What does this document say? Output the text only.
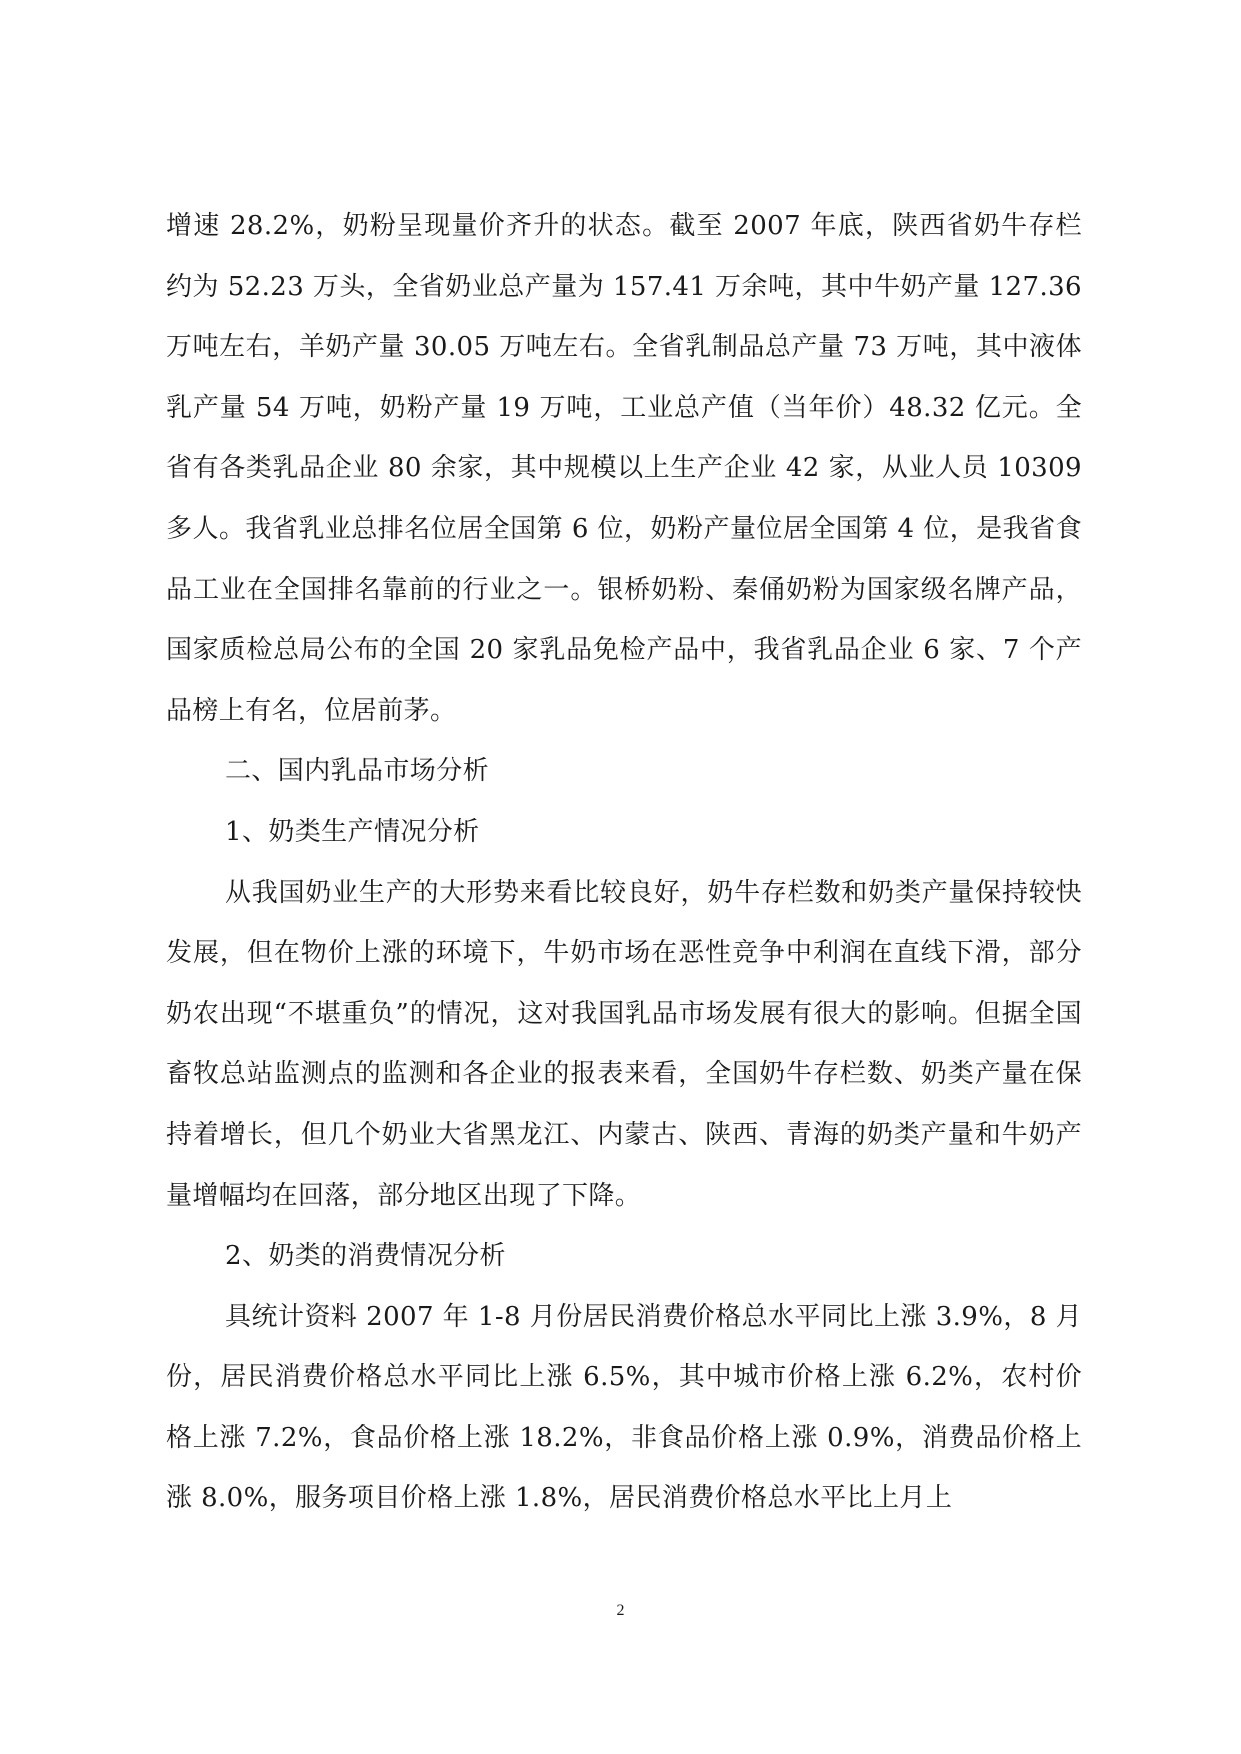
增速 28.2%，奶粉呈现量价齐升的状态。截至 2007 年底，陕西省奶牛存栏约为 52.23 万头，全省奶业总产量为 157.41 万余吨，其中牛奶产量 127.36 万吨左右，羊奶产量 30.05 万吨左右。全省乳制品总产量 73 万吨，其中液体乳产量 54 万吨，奶粉产量 19 万吨，工业总产值（当年价）48.32 亿元。全省有各类乳品企业 80 余家，其中规模以上生产企业 42 家，从业人员 10309 多人。我省乳业总排名位居全国第 6 位，奶粉产量位居全国第 4 位，是我省食品工业在全国排名靠前的行业之一。银桥奶粉、秦俑奶粉为国家级名牌产品，国家质检总局公布的全国 20 家乳品免检产品中，我省乳品企业 6 家、7 个产品榜上有名，位居前茅。

二、国内乳品市场分析

1、奶类生产情况分析

从我国奶业生产的大形势来看比较良好，奶牛存栏数和奶类产量保持较快发展，但在物价上涨的环境下，牛奶市场在恶性竞争中利润在直线下滑，部分奶农出现“不堪重负”的情况，这对我国乳品市场发展有很大的影响。但据全国畜牧总站监测点的监测和各企业的报表来看，全国奶牛存栏数、奶类产量在保持着增长，但几个奶业大省黑龙江、内蒙古、陕西、青海的奶类产量和牛奶产量增幅均在回落，部分地区出现了下降。

2、奶类的消费情况分析

具统计资料 2007 年 1-8 月份居民消费价格总水平同比上涨 3.9%，8 月份，居民消费价格总水平同比上涨 6.5%，其中城市价格上涨 6.2%，农村价格上涨 7.2%，食品价格上涨 18.2%，非食品价格上涨 0.9%，消费品价格上涨 8.0%，服务项目价格上涨 1.8%，居民消费价格总水平比上月上

2
